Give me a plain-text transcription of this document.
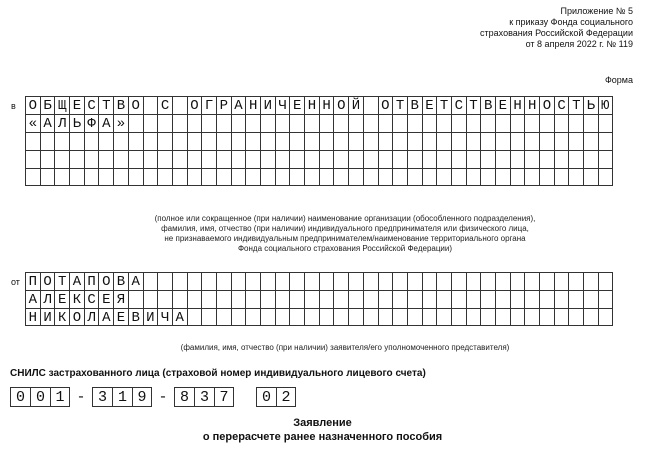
Приложение № 5
к приказу Фонда социального
страхования Российской Федерации
от 8 апреля 2022 г. № 119
Форма
в О Б Щ Е С Т В О С О Г Р А Н И Ч Е Н Н О Й О Т В Е Т С Т В Е Н Н О С Т Ь Ю
« А Л Ь Ф А »
(полное или сокращенное (при наличии) наименование организации (обособленного подразделения),
фамилия, имя, отчество (при наличии) индивидуального предпринимателя или физического лица,
не признаваемого индивидуальным предпринимателем/наименование территориального органа
Фонда социального страхования Российской Федерации)
от П О Т А П О В А
А Л Е К С Е Я
Н И К О Л А Е В И Ч А
(фамилия, имя, отчество (при наличии) заявителя/его уполномоченного представителя)
СНИЛС застрахованного лица (страховой номер индивидуального лицевого счета)
0 0 1 - 3 1 9 - 8 3 7	0 2
Заявление
о перерасчете ранее назначенного пособия
